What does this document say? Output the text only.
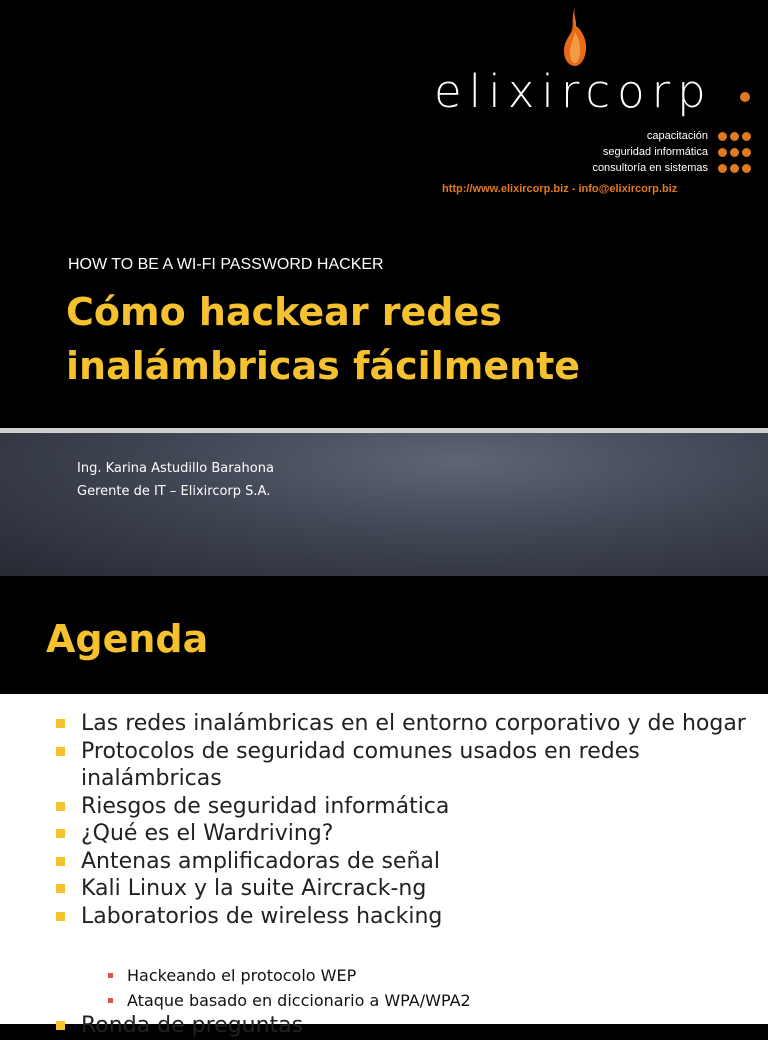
elixircorp
capacitación
seguridad informática
consultoría en sistemas
http://www.elixircorp.biz - info@elixircorp.biz
HOW TO BE A WI-FI PASSWORD HACKER
Cómo hackear redes inalámbricas fácilmente
Ing. Karina Astudillo Barahona
Gerente de IT – Elixircorp S.A.
Agenda
Las redes inalámbricas en el entorno corporativo y de hogar
Protocolos de seguridad comunes usados en redes inalámbricas
Riesgos de seguridad informática
¿Qué es el Wardriving?
Antenas amplificadoras de señal
Kali Linux y la suite Aircrack-ng
Laboratorios de wireless hacking
Hackeando el protocolo WEP
Ataque basado en diccionario a WPA/WPA2
Ronda de preguntas
